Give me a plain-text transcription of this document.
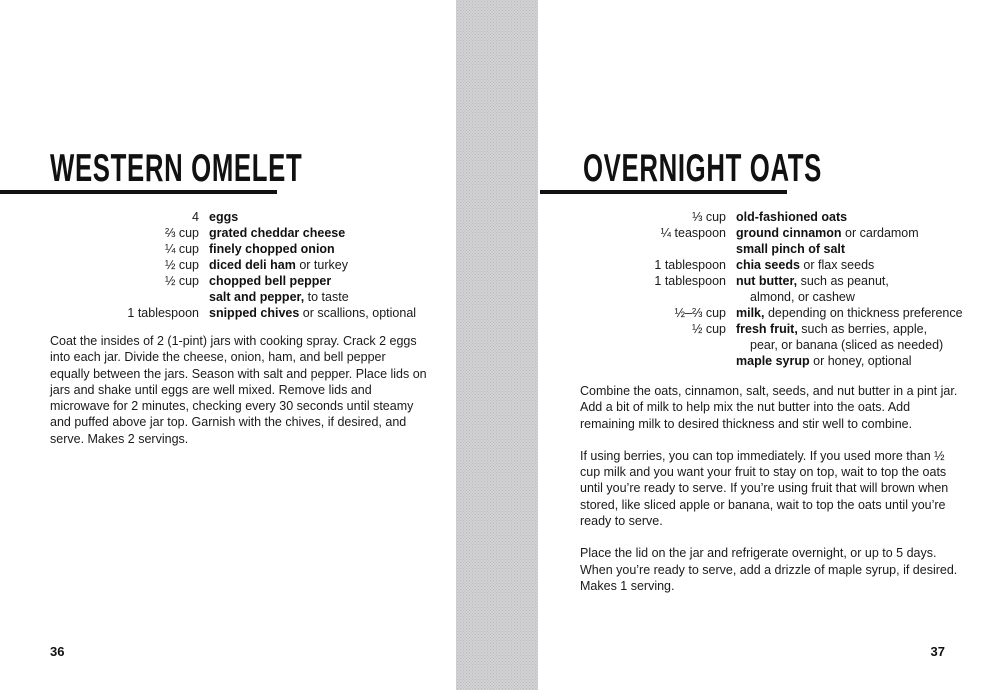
WESTERN OMELET
4 eggs
⅔ cup grated cheddar cheese
¼ cup finely chopped onion
½ cup diced deli ham or turkey
½ cup chopped bell pepper
salt and pepper, to taste
1 tablespoon snipped chives or scallions, optional

Coat the insides of 2 (1-pint) jars with cooking spray. Crack 2 eggs into each jar. Divide the cheese, onion, ham, and bell pepper equally between the jars. Season with salt and pepper. Place lids on jars and shake until eggs are well mixed. Remove lids and microwave for 2 minutes, checking every 30 seconds until steamy and puffed above jar top. Garnish with the chives, if desired, and serve. Makes 2 servings.

36
OVERNIGHT OATS
⅓ cup old-fashioned oats
¼ teaspoon ground cinnamon or cardamom
small pinch of salt
1 tablespoon chia seeds or flax seeds
1 tablespoon nut butter, such as peanut,
almond, or cashew
½–⅔ cup milk, depending on thickness preference
½ cup fresh fruit, such as berries, apple,
pear, or banana (sliced as needed)
maple syrup or honey, optional

Combine the oats, cinnamon, salt, seeds, and nut butter in a pint jar. Add a bit of milk to help mix the nut butter into the oats. Add remaining milk to desired thickness and stir well to combine.

If using berries, you can top immediately. If you used more than ½ cup milk and you want your fruit to stay on top, wait to top the oats until you’re ready to serve. If you’re using fruit that will brown when stored, like sliced apple or banana, wait to top the oats until you’re ready to serve.

Place the lid on the jar and refrigerate overnight, or up to 5 days. When you’re ready to serve, add a drizzle of maple syrup, if desired. Makes 1 serving.

37
